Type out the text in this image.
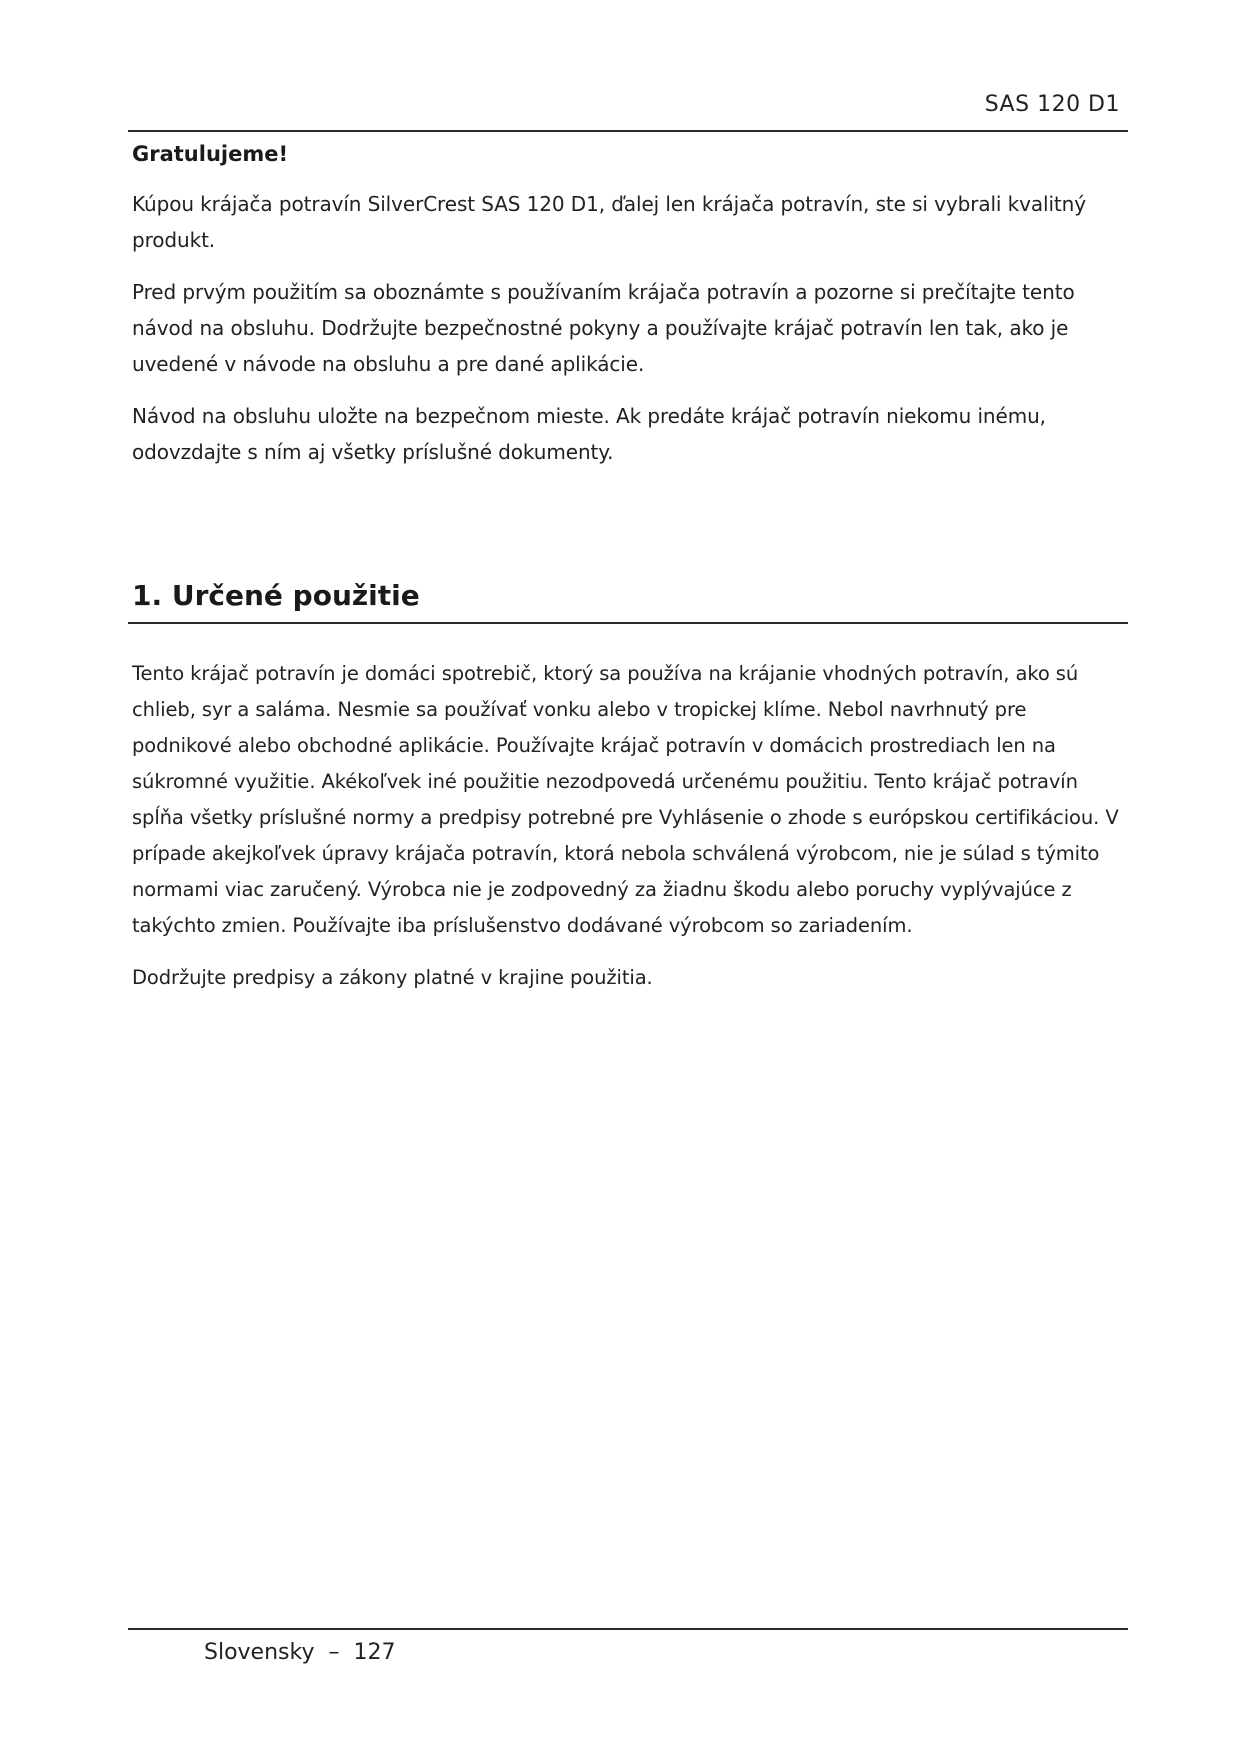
SAS 120 D1
Gratulujeme!

Kúpou krájača potravín SilverCrest SAS 120 D1, ďalej len krájača potravín, ste si vybrali kvalitný produkt.

Pred prvým použitím sa oboznámte s používaním krájača potravín a pozorne si prečítajte tento návod na obsluhu. Dodržujte bezpečnostné pokyny a používajte krájač potravín len tak, ako je uvedené v návode na obsluhu a pre dané aplikácie.

Návod na obsluhu uložte na bezpečnom mieste. Ak predáte krájač potravín niekomu inému, odovzdajte s ním aj všetky príslušné dokumenty.

1. Určené použitie

Tento krájač potravín je domáci spotrebič, ktorý sa používa na krájanie vhodných potravín, ako sú chlieb, syr a saláma. Nesmie sa používať vonku alebo v tropickej klíme. Nebol navrhnutý pre podnikové alebo obchodné aplikácie. Používajte krájač potravín v domácich prostrediach len na súkromné využitie. Akékoľvek iné použitie nezodpovedá určenému použitiu. Tento krájač potravín spĺňa všetky príslušné normy a predpisy potrebné pre Vyhlásenie o zhode s európskou certifikáciou. V prípade akejkoľvek úpravy krájača potravín, ktorá nebola schválená výrobcom, nie je súlad s týmito normami viac zaručený. Výrobca nie je zodpovedný za žiadnu škodu alebo poruchy vyplývajúce z takýchto zmien. Používajte iba príslušenstvo dodávané výrobcom so zariadením.

Dodržujte predpisy a zákony platné v krajine použitia.

Slovensky  –  127
